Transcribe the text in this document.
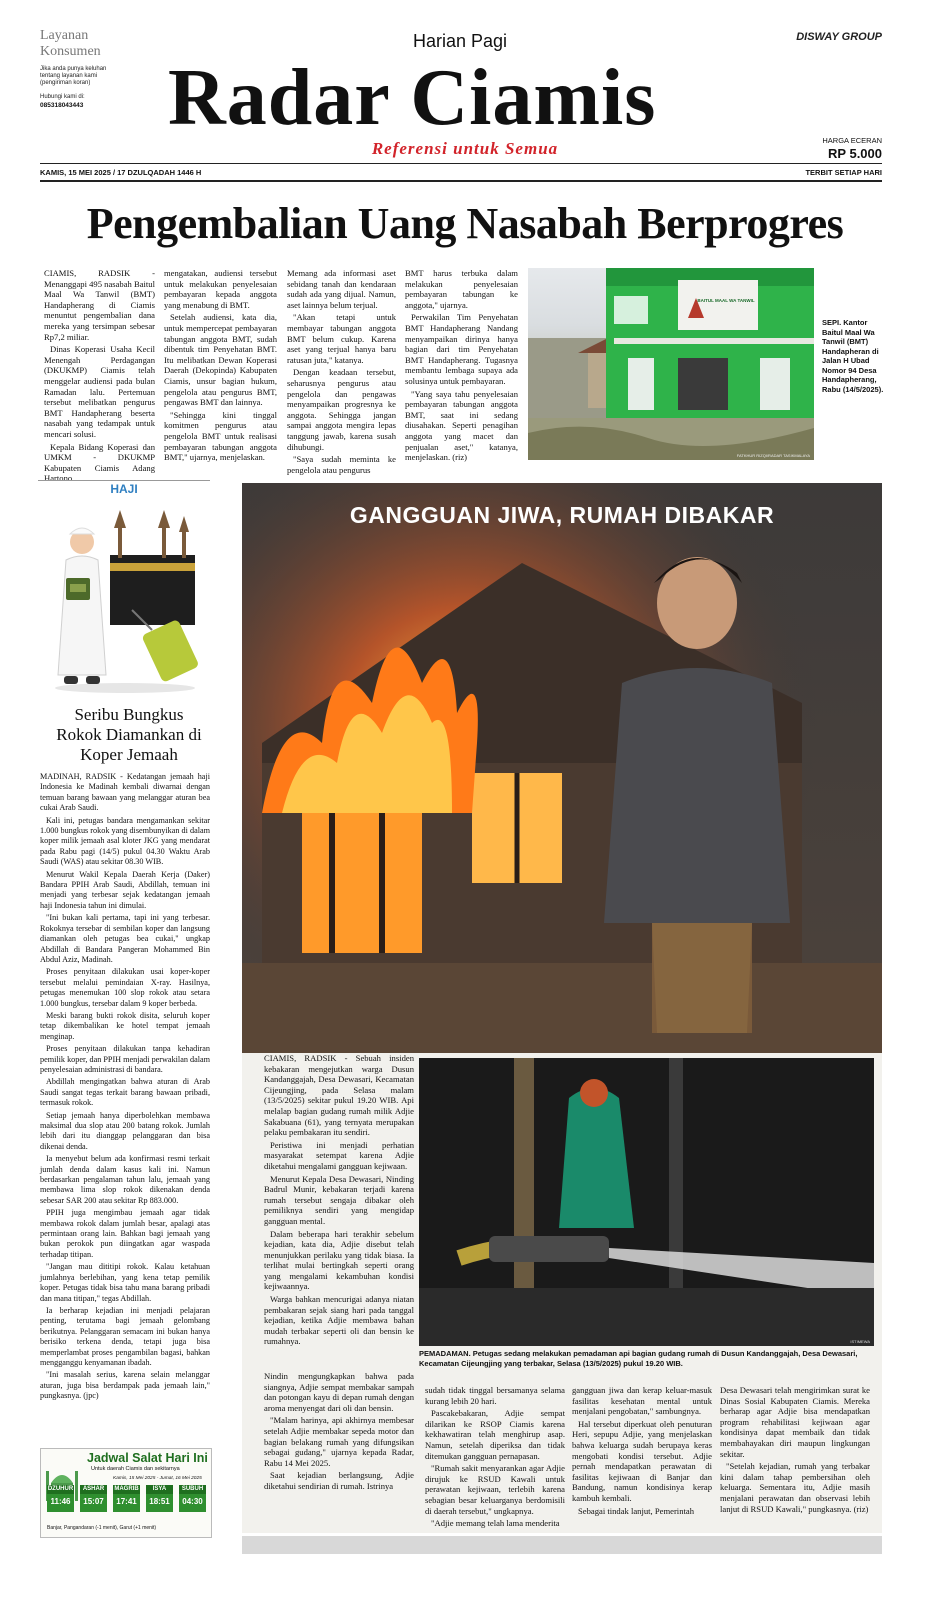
Layanan Konsumen
Jika anda punya keluhan tentang layanan kami (pengiriman koran)
Hubungi kami di:
085318043443
Harian Pagi
Radar Ciamis
Referensi untuk Semua
DISWAY GROUP
HARGA ECERAN
RP 5.000
KAMIS, 15 MEI 2025 / 17 DZULQADAH 1446 H	TERBIT SETIAP HARI
Pengembalian Uang Nasabah Berprogres

CIAMIS, RADSIK - Menanggapi 495 nasabah Baitul Maal Wa Tanwil (BMT) Handapherang di Ciamis menuntut pengembalian dana mereka yang tersimpan sebesar Rp7,2 miliar.

Dinas Koperasi Usaha Kecil Menengah Perdagangan (DKUKMP) Ciamis telah menggelar audiensi pada bulan Ramadan lalu. Pertemuan tersebut melibatkan pengurus BMT Handapherang beserta nasabah yang tedampak untuk mencari solusi.

Kepala Bidang Koperasi dan UMKM - DKUKMP Kabupaten Ciamis Adang Hartono

mengatakan, audiensi tersebut untuk melakukan penyelesaian pembayaran kepada anggota yang menabung di BMT.

Setelah audiensi, kata dia, untuk mempercepat pembayaran tabungan anggota BMT, sudah dibentuk tim Penyehatan BMT. Itu melibatkan Dewan Koperasi Daerah (Dekopinda) Kabupaten Ciamis, unsur bagian hukum, pengelola atau pengurus BMT, pengawas BMT dan lainnya.

"Sehingga kini tinggal komitmen pengurus atau pengelola BMT untuk realisasi pembayaran tabungan anggota BMT," ujarnya, menjelaskan.

Memang ada informasi aset sebidang tanah dan kendaraan sudah ada yang dijual. Namun, aset lainnya belum terjual.

"Akan tetapi untuk membayar tabungan anggota BMT belum cukup. Karena aset yang terjual hanya baru ratusan juta," katanya.

Dengan keadaan tersebut, seharusnya pengurus atau pengelola dan pengawas menyampaikan progresnya ke anggota. Sehingga jangan sampai anggota mengira lepas tanggung jawab, karena susah dihubungi.

"Saya sudah meminta ke pengelola atau pengurus

BMT harus terbuka dalam melakukan penyelesaian pembayaran tabungan ke anggota," ujarnya.

Perwakilan Tim Penyehatan BMT Handapherang Nandang menyampaikan dirinya hanya bagian dari tim Penyehatan BMT Handapherang. Tugasnya membantu lembaga supaya ada solusinya untuk pembayaran.

"Yang saya tahu penyelesaian pembayaran tabungan anggota BMT, saat ini sedang diusahakan. Seperti penagihan anggota yang macet dan penjualan aset," katanya, menjelaskan. (riz)

BAITUL MAAL WA TANWIL
FATKHUR RIZQI/RADAR TASIKMALAYA
SEPI. Kantor Baitul Maal Wa Tanwil (BMT) Handapheran di Jalan H Ubad Nomor 94 Desa Handapherang, Rabu (14/5/2025).
HAJI
Seribu Bungkus Rokok Diamankan di Koper Jemaah

MADINAH, RADSIK - Kedatangan jemaah haji Indonesia ke Madinah kembali diwarnai dengan temuan barang bawaan yang melanggar aturan bea cukai Arab Saudi.

Kali ini, petugas bandara mengamankan sekitar 1.000 bungkus rokok yang disembunyikan di dalam koper milik jemaah asal kloter JKG yang mendarat pada Rabu pagi (14/5) pukul 04.30 Waktu Arab Saudi (WAS) atau sekitar 08.30 WIB.

Menurut Wakil Kepala Daerah Kerja (Daker) Bandara PPIH Arab Saudi, Abdillah, temuan ini menjadi yang terbesar sejak kedatangan jemaah haji Indonesia tahun ini dimulai.

"Ini bukan kali pertama, tapi ini yang terbesar. Rokoknya tersebar di sembilan koper dan langsung diamankan oleh petugas bea cukai," ungkap Abdillah di Bandara Pangeran Mohammed Bin Abdul Aziz, Madinah.

Proses penyitaan dilakukan usai koper-koper tersebut melalui pemindaian X-ray. Hasilnya, petugas menemukan 100 slop rokok atau setara 1.000 bungkus, tersebar dalam 9 koper berbeda.

Meski barang bukti rokok disita, seluruh koper tetap dikembalikan ke hotel tempat jemaah menginap.

Proses penyitaan dilakukan tanpa kehadiran pemilik koper, dan PPIH menjadi perwakilan dalam penyelesaian administrasi di bandara.

Abdillah mengingatkan bahwa aturan di Arab Saudi sangat tegas terkait barang bawaan pribadi, termasuk rokok.

Setiap jemaah hanya diperbolehkan membawa maksimal dua slop atau 200 batang rokok. Jumlah lebih dari itu dianggap pelanggaran dan bisa dikenai denda.

Ia menyebut belum ada konfirmasi resmi terkait jumlah denda dalam kasus kali ini. Namun berdasarkan pengalaman tahun lalu, jemaah yang membawa lima slop rokok dikenakan denda sebesar SAR 200 atau sekitar Rp 883.000.

PPIH juga mengimbau jemaah agar tidak membawa rokok dalam jumlah besar, apalagi atas permintaan orang lain. Bahkan bagi jemaah yang bukan perokok pun diingatkan agar waspada terhadap titipan.

"Jangan mau dititipi rokok. Kalau ketahuan jumlahnya berlebihan, yang kena tetap pemilik koper. Petugas tidak bisa tahu mana barang pribadi dan mana titipan," tegas Abdillah.

Ia berharap kejadian ini menjadi pelajaran penting, terutama bagi jemaah gelombang berikutnya. Pelanggaran semacam ini bukan hanya berisiko terkena denda, tetapi juga bisa memperlambat proses pengambilan bagasi, bahkan mengganggu kenyamanan ibadah.

"Ini masalah serius, karena selain melanggar aturan, juga bisa berdampak pada jemaah lain," pungkasnya. (jpc)

Jadwal Salat Hari Ini
Untuk daerah Ciamis dan sekitarnya
Kamis, 15 Mei 2025 - Jumat, 16 Mei 2025
DZUHUR
11:46
ASHAR
15:07
MAGRIB
17:41
ISYA
18:51
SUBUH
04:30
Banjar, Pangandaran (-1 menit), Garut (+1 menit)
GANGGUAN JIWA, RUMAH DIBAKAR

CIAMIS, RADSIK - Sebuah insiden kebakaran mengejutkan warga Dusun Kandanggajah, Desa Dewasari, Kecamatan Cijeungjing, pada Selasa malam (13/5/2025) sekitar pukul 19.20 WIB. Api melalap bagian gudang rumah milik Adjie Sakabuana (61), yang ternyata merupakan pelaku pembakaran itu sendiri.

Peristiwa ini menjadi perhatian masyarakat setempat karena Adjie diketahui mengalami gangguan kejiwaan.

Menurut Kepala Desa Dewasari, Ninding Badrul Munir, kebakaran terjadi karena rumah tersebut sengaja dibakar oleh pemiliknya sendiri yang mengidap gangguan mental.

Dalam beberapa hari terakhir sebelum kejadian, kata dia, Adjie disebut telah menunjukkan perilaku yang tidak biasa. Ia terlihat mulai bertingkah seperti orang yang mengalami kekambuhan kondisi kejiwaannya.

Warga bahkan mencurigai adanya niatan pembakaran sejak siang hari pada tanggal kejadian, ketika Adjie membawa bahan mudah terbakar seperti oli dan bensin ke rumahnya.	ISTIMEWA
PEMADAMAN. Petugas sedang melakukan pemadaman api bagian gudang rumah di Dusun Kandanggajah, Desa Dewasari, Kecamatan Cijeungjing yang terbakar, Selasa (13/5/2025) pukul 19.20 WIB.

Nindin mengungkapkan bahwa pada siangnya, Adjie sempat membakar sampah dan potongan kayu di depan rumah dengan aroma menyengat dari oli dan bensin.

"Malam harinya, api akhirnya membesar setelah Adjie membakar sepeda motor dan bagian belakang rumah yang difungsikan sebagai gudang," ujarnya kepada Radar, Rabu 14 Mei 2025.

Saat kejadian berlangsung, Adjie diketahui sendirian di rumah. Istrinya

sudah tidak tinggal bersamanya selama kurang lebih 20 hari.

Pascakebakaran, Adjie sempat dilarikan ke RSOP Ciamis karena kekhawatiran telah menghirup asap. Namun, setelah diperiksa dan tidak ditemukan gangguan pernapasan.

"Rumah sakit menyarankan agar Adjie dirujuk ke RSUD Kawali untuk perawatan kejiwaan, terlebih karena sebagian besar keluarganya berdomisili di daerah tersebut," ungkapnya.

"Adjie memang telah lama menderita

gangguan jiwa dan kerap keluar-masuk fasilitas kesehatan mental untuk menjalani pengobatan," sambungnya.

Hal tersebut diperkuat oleh penuturan Heri, sepupu Adjie, yang menjelaskan bahwa keluarga sudah berupaya keras mengobati kondisi tersebut. Adjie pernah mendapatkan perawatan di fasilitas kejiwaan di Banjar dan Bandung, namun kondisinya kerap kambuh kembali.

Sebagai tindak lanjut, Pemerintah

Desa Dewasari telah mengirimkan surat ke Dinas Sosial Kabupaten Ciamis. Mereka berharap agar Adjie bisa mendapatkan program rehabilitasi kejiwaan agar kondisinya dapat membaik dan tidak membahayakan diri maupun lingkungan sekitar.

"Setelah kejadian, rumah yang terbakar kini dalam tahap pembersihan oleh keluarga. Sementara itu, Adjie masih menjalani perawatan dan observasi lebih lanjut di RSUD Kawali," pungkasnya. (riz)
